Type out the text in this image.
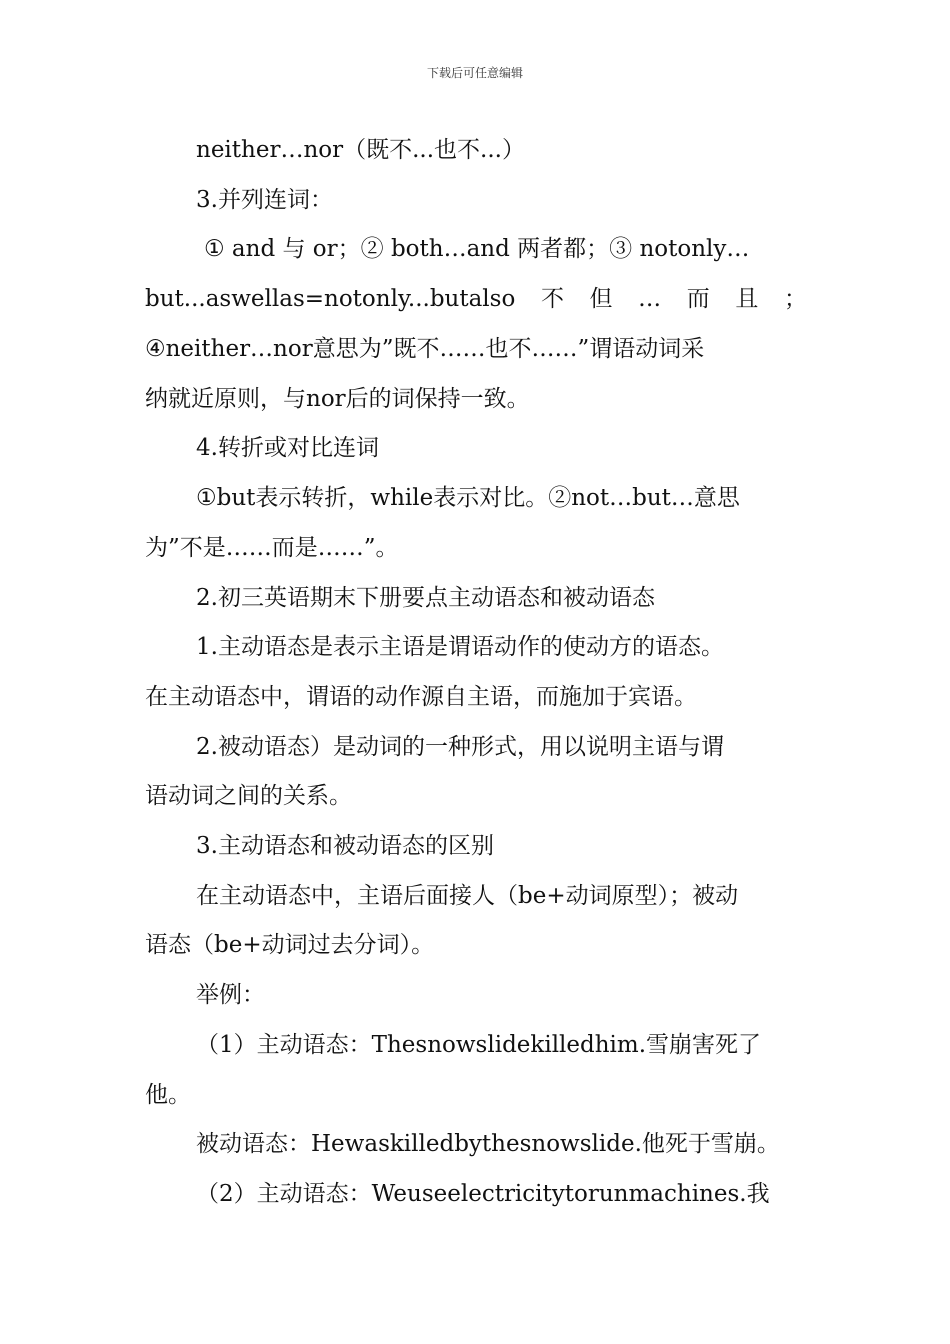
下载后可任意编辑
neither…nor（既不...也不...）
3.并列连词：
① and 与 or；② both…and 两者都；③ notonly…
but...aswellas=notonly...butalso 不 但 … 而 且 ；
④neither…nor意思为”既不……也不……”谓语动词采
纳就近原则，与nor后的词保持一致。
4.转折或对比连词
①but表示转折，while表示对比。②not…but…意思
为”不是……而是……”。
2.初三英语期末下册要点主动语态和被动语态
1.主动语态是表示主语是谓语动作的使动方的语态。
在主动语态中，谓语的动作源自主语，而施加于宾语。
2.被动语态）是动词的一种形式，用以说明主语与谓
语动词之间的关系。
3.主动语态和被动语态的区别
在主动语态中，主语后面接人（be+动词原型）；被动
语态（be+动词过去分词）。
举例：
（1）主动语态：Thesnowslidekilledhim.雪崩害死了
他。
被动语态：Hewaskilledbythesnowslide.他死于雪崩。
（2）主动语态：Weuseelectricitytorunmachines.我
